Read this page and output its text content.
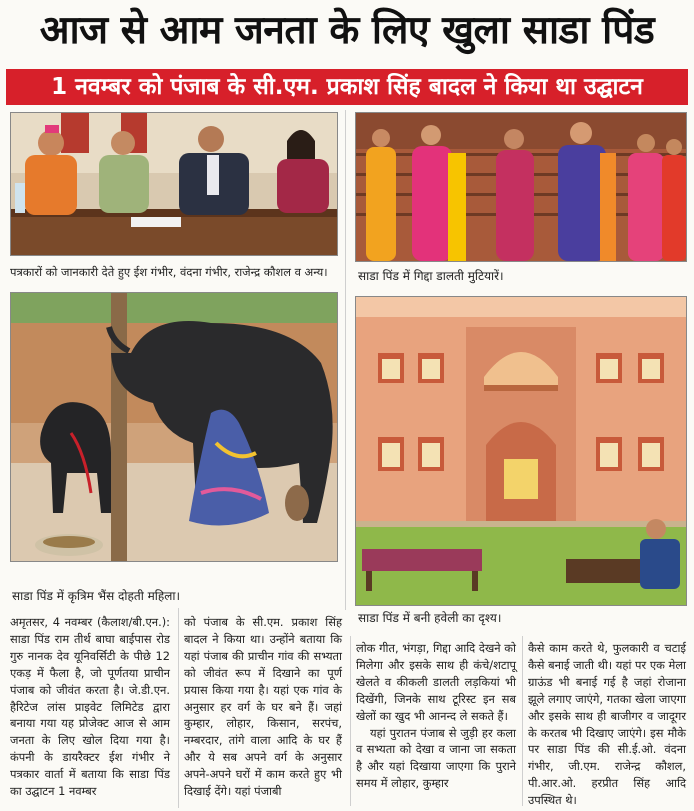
आज से आम जनता के लिए खुला साडा पिंड
1 नवम्बर को पंजाब के सी.एम. प्रकाश सिंह बादल ने किया था उद्घाटन
पत्रकारों को जानकारी देते हुए ईश गंभीर, वंदना गंभीर, राजेन्द्र कौशल व अन्य।	साडा पिंड में गिद्दा डालती मुटियारें।
साडा पिंड में कृत्रिम भैंस दोहती महिला।
साडा पिंड में बनी हवेली का दृश्य।

अमृतसर, 4 नवम्बर (कैलाश/बी.एन.): साडा पिंड राम तीर्थ बाघा बाईपास रोड गुरु नानक देव यूनिवर्सिटी के पीछे 12 एकड़ में फैला है, जो पूर्णतया प्राचीन पंजाब को जीवंत करता है। जे.डी.एन. हैरिटेज लांस प्राइवेट लिमिटेड द्वारा बनाया गया यह प्रोजेक्ट आज से आम जनता के लिए खोल दिया गया है। कंपनी के डायरैक्टर ईश गंभीर ने पत्रकार वार्ता में बताया कि साडा पिंड का उद्घाटन 1 नवम्बर

को पंजाब के सी.एम. प्रकाश सिंह बादल ने किया था। उन्होंने बताया कि यहां पंजाब की प्राचीन गांव की सभ्यता को जीवंत रूप में दिखाने का पूर्ण प्रयास किया गया है। यहां एक गांव के अनुसार हर वर्ग के घर बने हैं। जहां कुम्हार, लोहार, किसान, सरपंच, नम्बरदार, तांगे वाला आदि के घर हैं और ये सब अपने वर्ग के अनुसार अपने-अपने घरों में काम करते हुए भी दिखाई देंगे। यहां पंजाबी

लोक गीत, भंगड़ा, गिद्दा आदि देखने को मिलेगा और इसके साथ ही कंचे/शटापू खेलते व कीकली डालती लड़कियां भी दिखेंगी, जिनके साथ टूरिस्ट इन सब खेलों का खुद भी आनन्द ले सकते हैं।

यहां पुरातन पंजाब से जुड़ी हर कला व सभ्यता को देखा व जाना जा सकता है और यहां दिखाया जाएगा कि पुराने समय में लोहार, कुम्हार

कैसे काम करते थे, फुलकारी व चटाई कैसे बनाई जाती थी। यहां पर एक मेला ग्राऊंड भी बनाई गई है जहां रोजाना झूले लगाए जाएंगे, गतका खेला जाएगा और इसके साथ ही बाजीगर व जादूगर के करतब भी दिखाए जाएंगे। इस मौके पर साडा पिंड की सी.ई.ओ. वंदना गंभीर, जी.एम. राजेन्द्र कौशल, पी.आर.ओ. हरप्रीत सिंह आदि उपस्थित थे।
